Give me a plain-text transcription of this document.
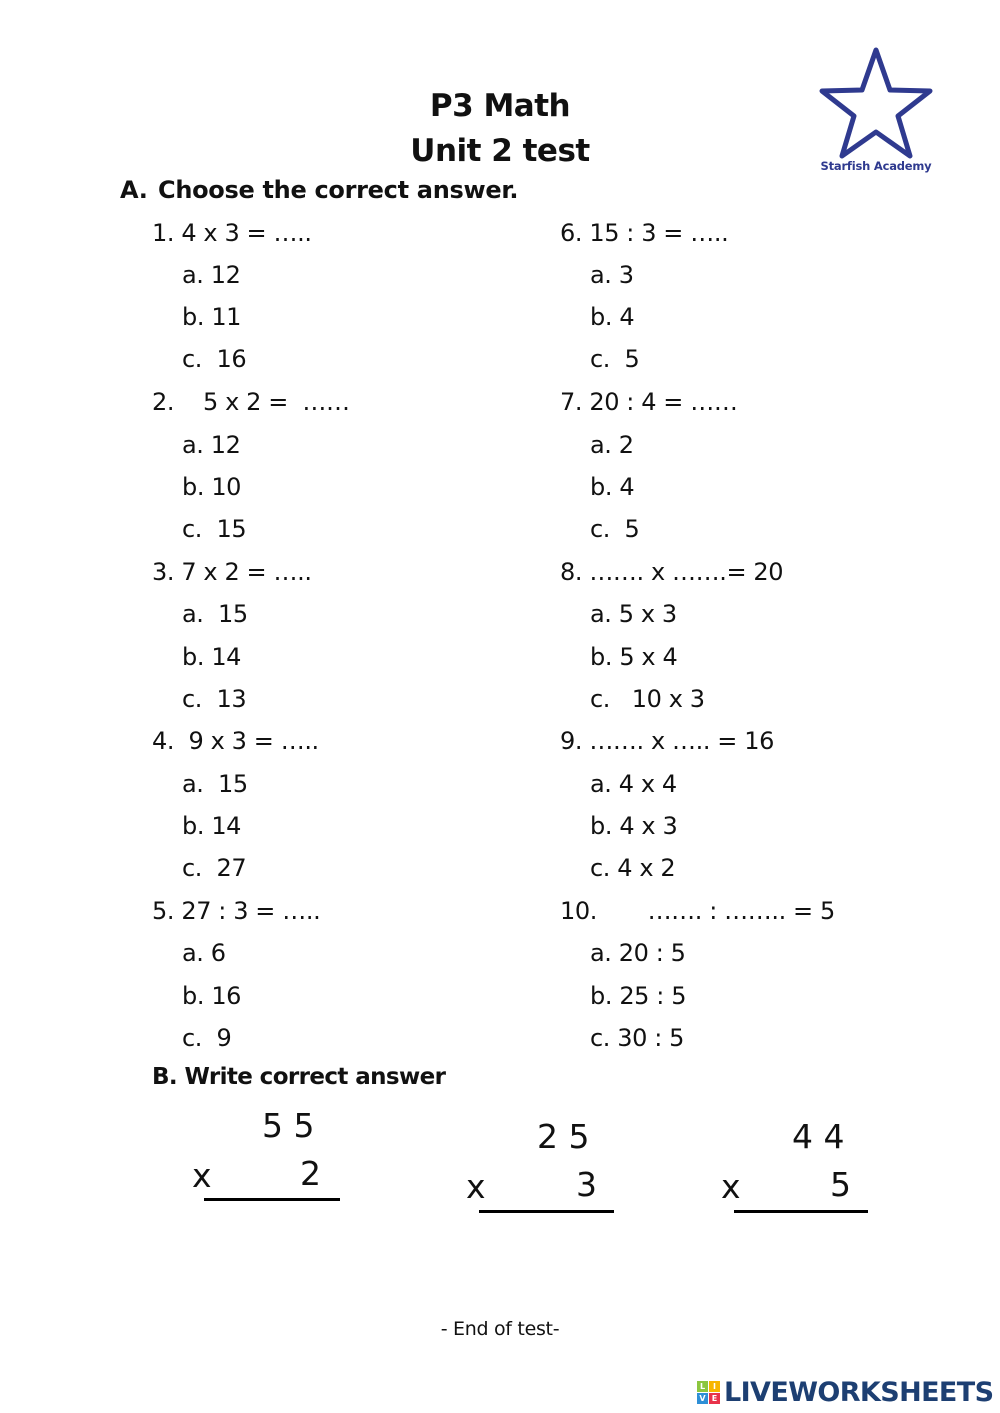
P3 Math
Unit 2 test	Starfish Academy
A. Choose the correct answer.
1. 4 x 3 = …..
a. 12
b. 11
c. 16
2.    5 x 2 =  ……
a. 12
b. 10
c. 15
3. 7 x 2 = …..
a. 15
b. 14
c. 13
4.  9 x 3 = …..
a. 15
b. 14
c. 27
5. 27 : 3 = …..
a. 6
b. 16
c. 9
6. 15 : 3 = …..
a. 3
b. 4
c. 5
7. 20 : 4 = ……
a. 2
b. 4
c. 5
8. ……. x …….= 20
a. 5 x 3
b. 5 x 4
c.   10 x 3
9. ……. x ….. = 16
a. 4 x 4
b. 4 x 3
c. 4 x 2
10.       ……. : …….. = 5
a. 20 : 5
b. 25 : 5
c. 30 : 5
B. Write correct answer
5 5
x	2
2 5
x	3
4 4
x	5
- End of test-
L I
V E LIVEWORKSHEETS
